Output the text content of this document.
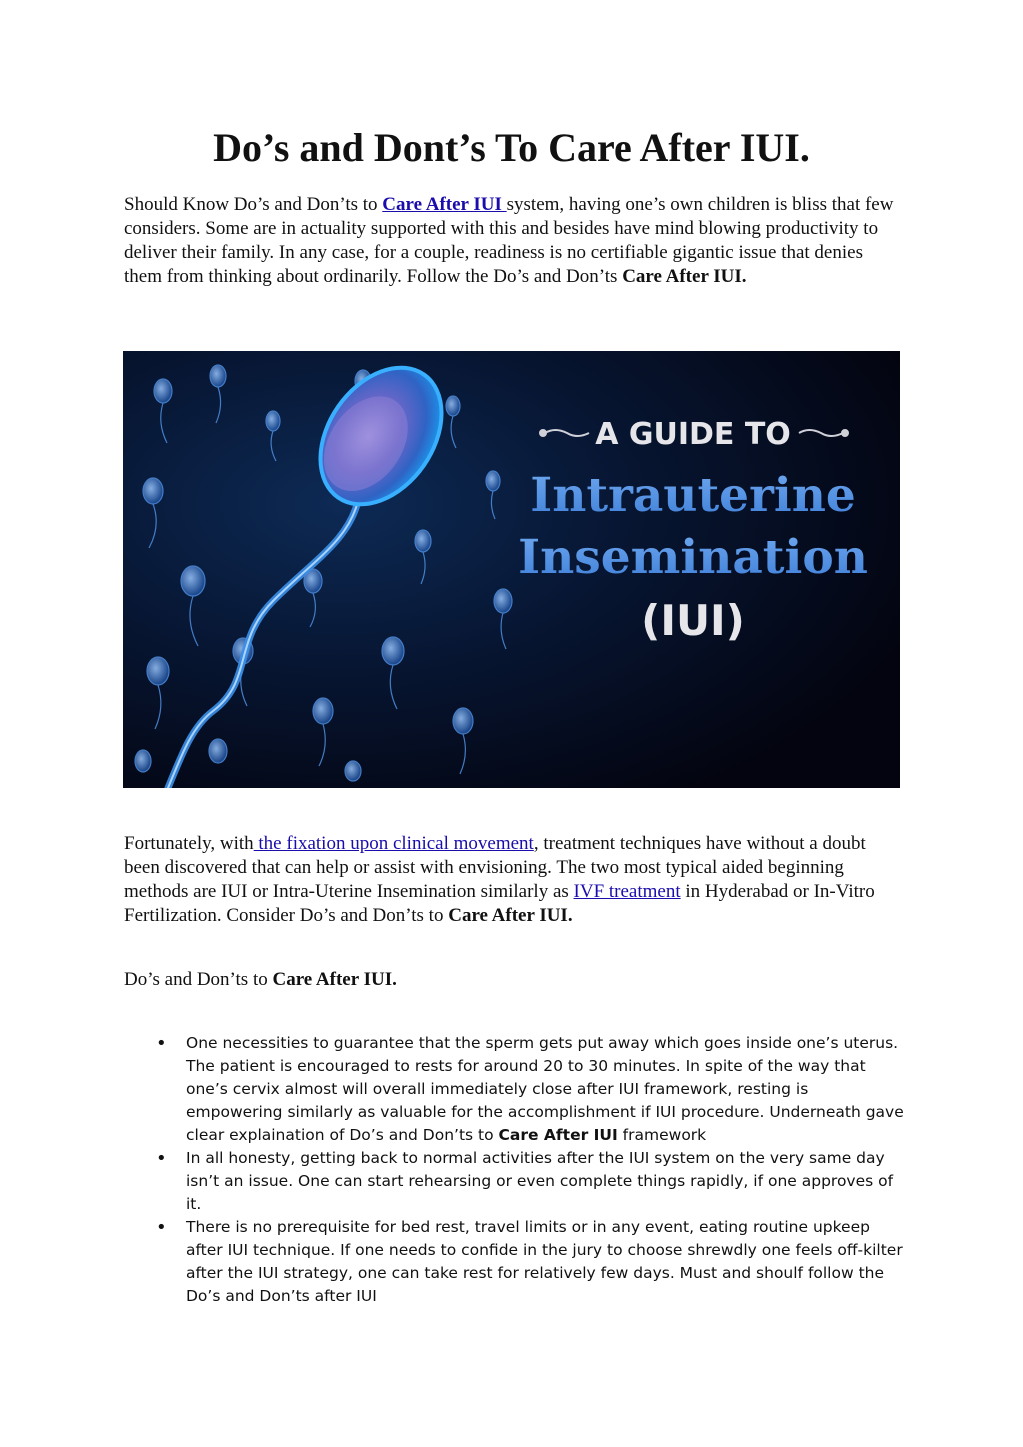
Do’s and Dont’s To Care After IUI.

Should Know Do’s and Don’ts to Care After IUI system, having one’s own children is bliss that few considers. Some are in actuality supported with this and besides have mind blowing productivity to deliver their family. In any case, for a couple, readiness is no certifiable gigantic issue that denies them from thinking about ordinarily. Follow the Do’s and Don’ts Care After IUI.

A GUIDE TO
Intrauterine
Insemination
(IUI)

Fortunately, with the fixation upon clinical movement, treatment techniques have without a doubt been discovered that can help or assist with envisioning. The two most typical aided beginning methods are IUI or Intra-Uterine Insemination similarly as IVF treatment in Hyderabad or In-Vitro Fertilization. Consider Do’s and Don’ts to Care After IUI.

Do’s and Don’ts to Care After IUI.

• One necessities to guarantee that the sperm gets put away which goes inside one’s uterus. The patient is encouraged to rests for around 20 to 30 minutes. In spite of the way that one’s cervix almost will overall immediately close after IUI framework, resting is empowering similarly as valuable for the accomplishment if IUI procedure. Underneath gave clear explaination of Do’s and Don’ts to Care After IUI framework
• In all honesty, getting back to normal activities after the IUI system on the very same day isn’t an issue. One can start rehearsing or even complete things rapidly, if one approves of it.
• There is no prerequisite for bed rest, travel limits or in any event, eating routine upkeep after IUI technique. If one needs to confide in the jury to choose shrewdly one feels off-kilter after the IUI strategy, one can take rest for relatively few days. Must and shoulf follow the Do’s and Don’ts after IUI
